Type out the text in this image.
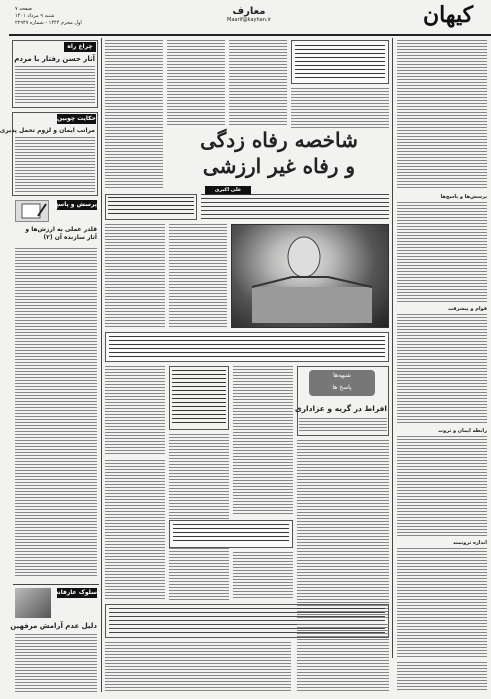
صفحه ۷
شنبه ۹ مرداد ۱۴۰۱
اول محرم ۱۴۴۴ - شماره ۲۲۹۴۷
معارف
Maarif@kayhan.ir	کیهان
چراغ راه
آثار حسن رفتار با مردم
حکایت چوبین
مراتب ایمان و لزوم تحمل پذیری
پرسش و پاسخ
قلدر عملی به ارزش‌ها و آثار سازنده آن (۲)
سلوک عارفانه
دلیل عدم آرامش مرفهین
شاخصه رفاه زدگی
و رفاه غیر ارزشی
علی اکبری
شبهه‌ها
پاسخ ها
افراط در گریه و عزاداری
پرسش‌ها و پاسخ‌ها
قوام و پیشرفت
رابطه ایمان و ثروت
اندازه ثروتمند
